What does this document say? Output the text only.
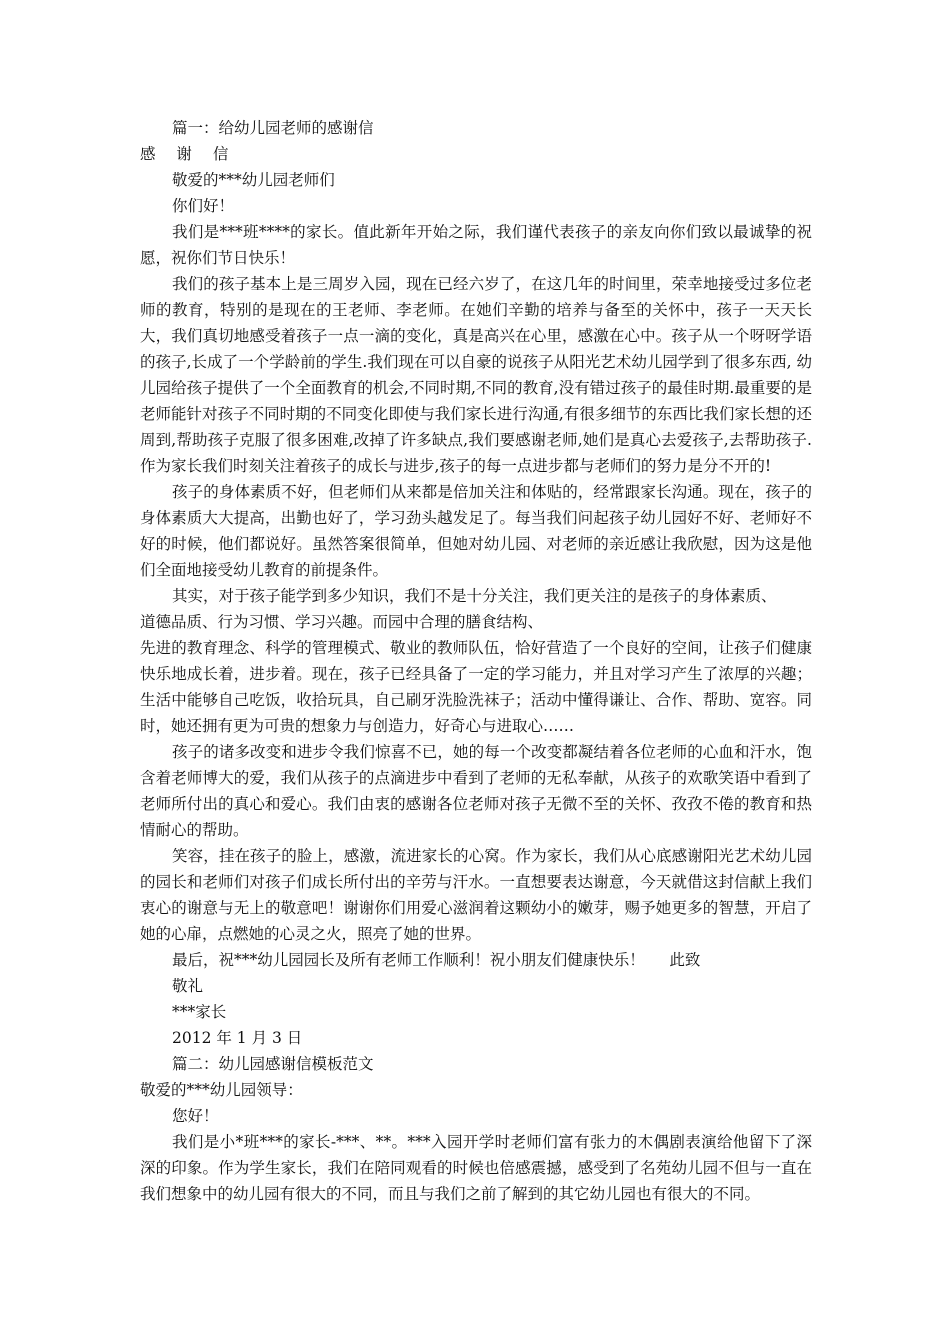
篇一：给幼儿园老师的感谢信

感 谢 信

敬爱的***幼儿园老师们

你们好！

我们是***班****的家长。值此新年开始之际，我们谨代表孩子的亲友向你们致以最诚挚的祝愿，祝你们节日快乐！

我们的孩子基本上是三周岁入园，现在已经六岁了，在这几年的时间里，荣幸地接受过多位老师的教育，特别的是现在的王老师、李老师。在她们辛勤的培养与备至的关怀中，孩子一天天长大，我们真切地感受着孩子一点一滴的变化，真是高兴在心里，感激在心中。孩子从一个呀呀学语的孩子,长成了一个学龄前的学生.我们现在可以自豪的说孩子从阳光艺术幼儿园学到了很多东西, 幼儿园给孩子提供了一个全面教育的机会,不同时期,不同的教育,没有错过孩子的最佳时期.最重要的是老师能针对孩子不同时期的不同变化即使与我们家长进行沟通,有很多细节的东西比我们家长想的还周到,帮助孩子克服了很多困难,改掉了许多缺点,我们要感谢老师,她们是真心去爱孩子,去帮助孩子.作为家长我们时刻关注着孩子的成长与进步,孩子的每一点进步都与老师们的努力是分不开的!

孩子的身体素质不好，但老师们从来都是倍加关注和体贴的，经常跟家长沟通。现在，孩子的身体素质大大提高，出勤也好了，学习劲头越发足了。每当我们问起孩子幼儿园好不好、老师好不好的时候，他们都说好。虽然答案很简单，但她对幼儿园、对老师的亲近感让我欣慰，因为这是他们全面地接受幼儿教育的前提条件。

其实，对于孩子能学到多少知识，我们不是十分关注，我们更关注的是孩子的身体素质、

道德品质、行为习惯、学习兴趣。而园中合理的膳食结构、

先进的教育理念、科学的管理模式、敬业的教师队伍，恰好营造了一个良好的空间，让孩子们健康快乐地成长着，进步着。现在，孩子已经具备了一定的学习能力，并且对学习产生了浓厚的兴趣；生活中能够自己吃饭，收拾玩具，自己刷牙洗脸洗袜子；活动中懂得谦让、合作、帮助、宽容。同时，她还拥有更为可贵的想象力与创造力，好奇心与进取心……

孩子的诸多改变和进步令我们惊喜不已，她的每一个改变都凝结着各位老师的心血和汗水，饱含着老师博大的爱，我们从孩子的点滴进步中看到了老师的无私奉献，从孩子的欢歌笑语中看到了老师所付出的真心和爱心。我们由衷的感谢各位老师对孩子无微不至的关怀、孜孜不倦的教育和热情耐心的帮助。

笑容，挂在孩子的脸上，感激，流进家长的心窝。作为家长，我们从心底感谢阳光艺术幼儿园的园长和老师们对孩子们成长所付出的辛劳与汗水。一直想要表达谢意，今天就借这封信献上我们衷心的谢意与无上的敬意吧！谢谢你们用爱心滋润着这颗幼小的嫩芽，赐予她更多的智慧，开启了她的心扉，点燃她的心灵之火，照亮了她的世界。

最后，祝***幼儿园园长及所有老师工作顺利！祝小朋友们健康快乐！     此致

敬礼

***家长

2012 年 1 月 3 日

篇二：幼儿园感谢信模板范文

敬爱的***幼儿园领导：

您好！

我们是小*班***的家长-***、**。***入园开学时老师们富有张力的木偶剧表演给他留下了深深的印象。作为学生家长，我们在陪同观看的时候也倍感震撼，感受到了名苑幼儿园不但与一直在我们想象中的幼儿园有很大的不同，而且与我们之前了解到的其它幼儿园也有很大的不同。
